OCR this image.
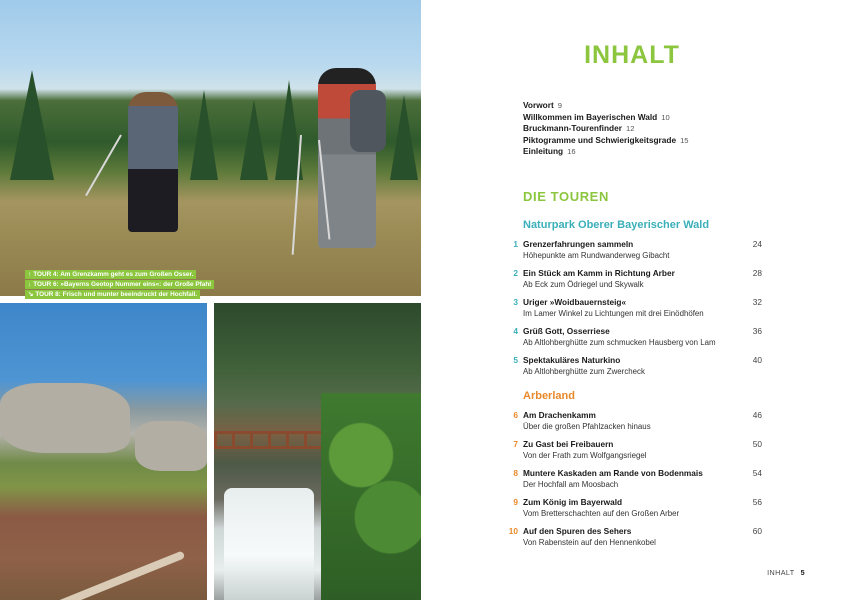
↑ TOUR 4: Am Grenzkamm geht es zum Großen Osser.
↓ TOUR 6: »Bayerns Geotop Nummer eins«: der Große Pfahl
↘ TOUR 8: Frisch und munter beeindruckt der Hochfall.
INHALT
Vorwort 9
Willkommen im Bayerischen Wald 10
Bruckmann-Tourenfinder 12
Piktogramme und Schwierigkeitsgrade 15
Einleitung 16
DIE TOUREN
Naturpark Oberer Bayerischer Wald
1 Grenzerfahrungen sammeln
Höhepunkte am Rundwanderweg Gibacht
24
2 Ein Stück am Kamm in Richtung Arber
Ab Eck zum Ödriegel und Skywalk
28
3 Uriger »Woidbauernsteig«
Im Lamer Winkel zu Lichtungen mit drei Einödhöfen
32
4 Grüß Gott, Osserriese
Ab Altlohberghütte zum schmucken Hausberg von Lam
36
5 Spektakuläres Naturkino
Ab Altlohberghütte zum Zwercheck
40
Arberland
6 Am Drachenkamm
Über die großen Pfahlzacken hinaus
46
7 Zu Gast bei Freibauern
Von der Frath zum Wolfgangsriegel
50
8 Muntere Kaskaden am Rande von Bodenmais
Der Hochfall am Moosbach
54
9 Zum König im Bayerwald
Vom Bretterschachten auf den Großen Arber
56
10 Auf den Spuren des Sehers
Von Rabenstein auf den Hennenkobel
60
INHALT 5
